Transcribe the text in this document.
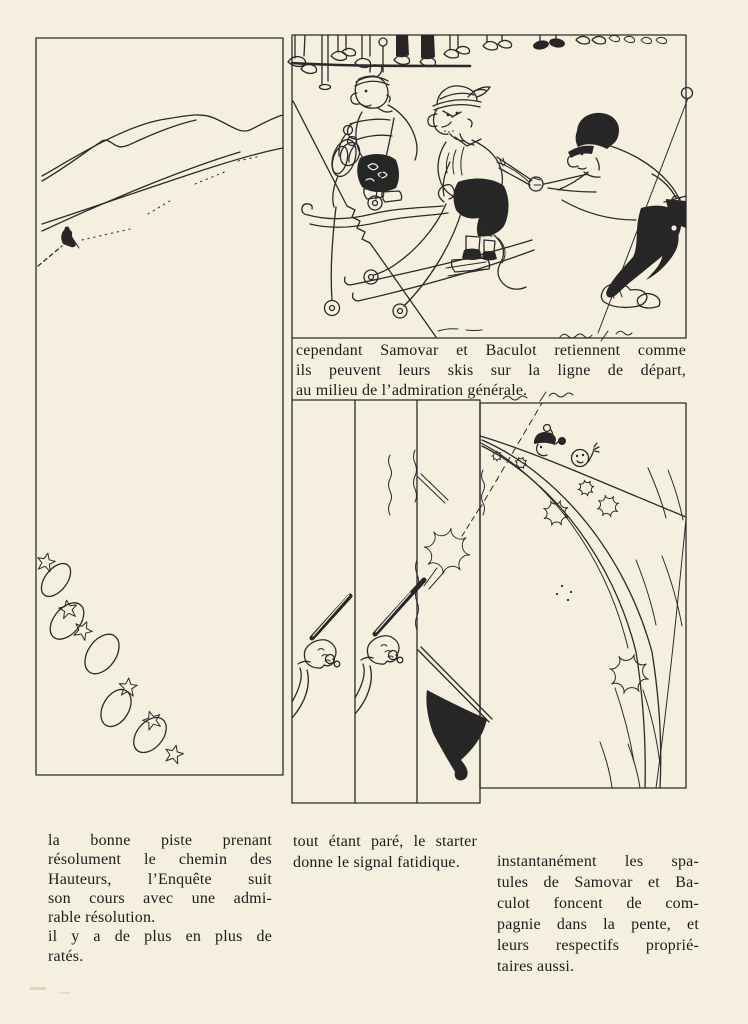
cependant Samovar et Baculot retiennent comme
ils peuvent leurs skis sur la ligne de départ,
au milieu de l’admiration générale.
la bonne piste prenant
résolument le chemin des
Hauteurs, l’Enquête suit
son cours avec une admi-
rable résolution.
il y a de plus en plus de
ratés.
tout étant paré, le starter
donne le signal fatidique.	instantanément les spa-
tules de Samovar et Ba-
culot foncent de com-
pagnie dans la pente, et
leurs respectifs proprié-
taires aussi.
